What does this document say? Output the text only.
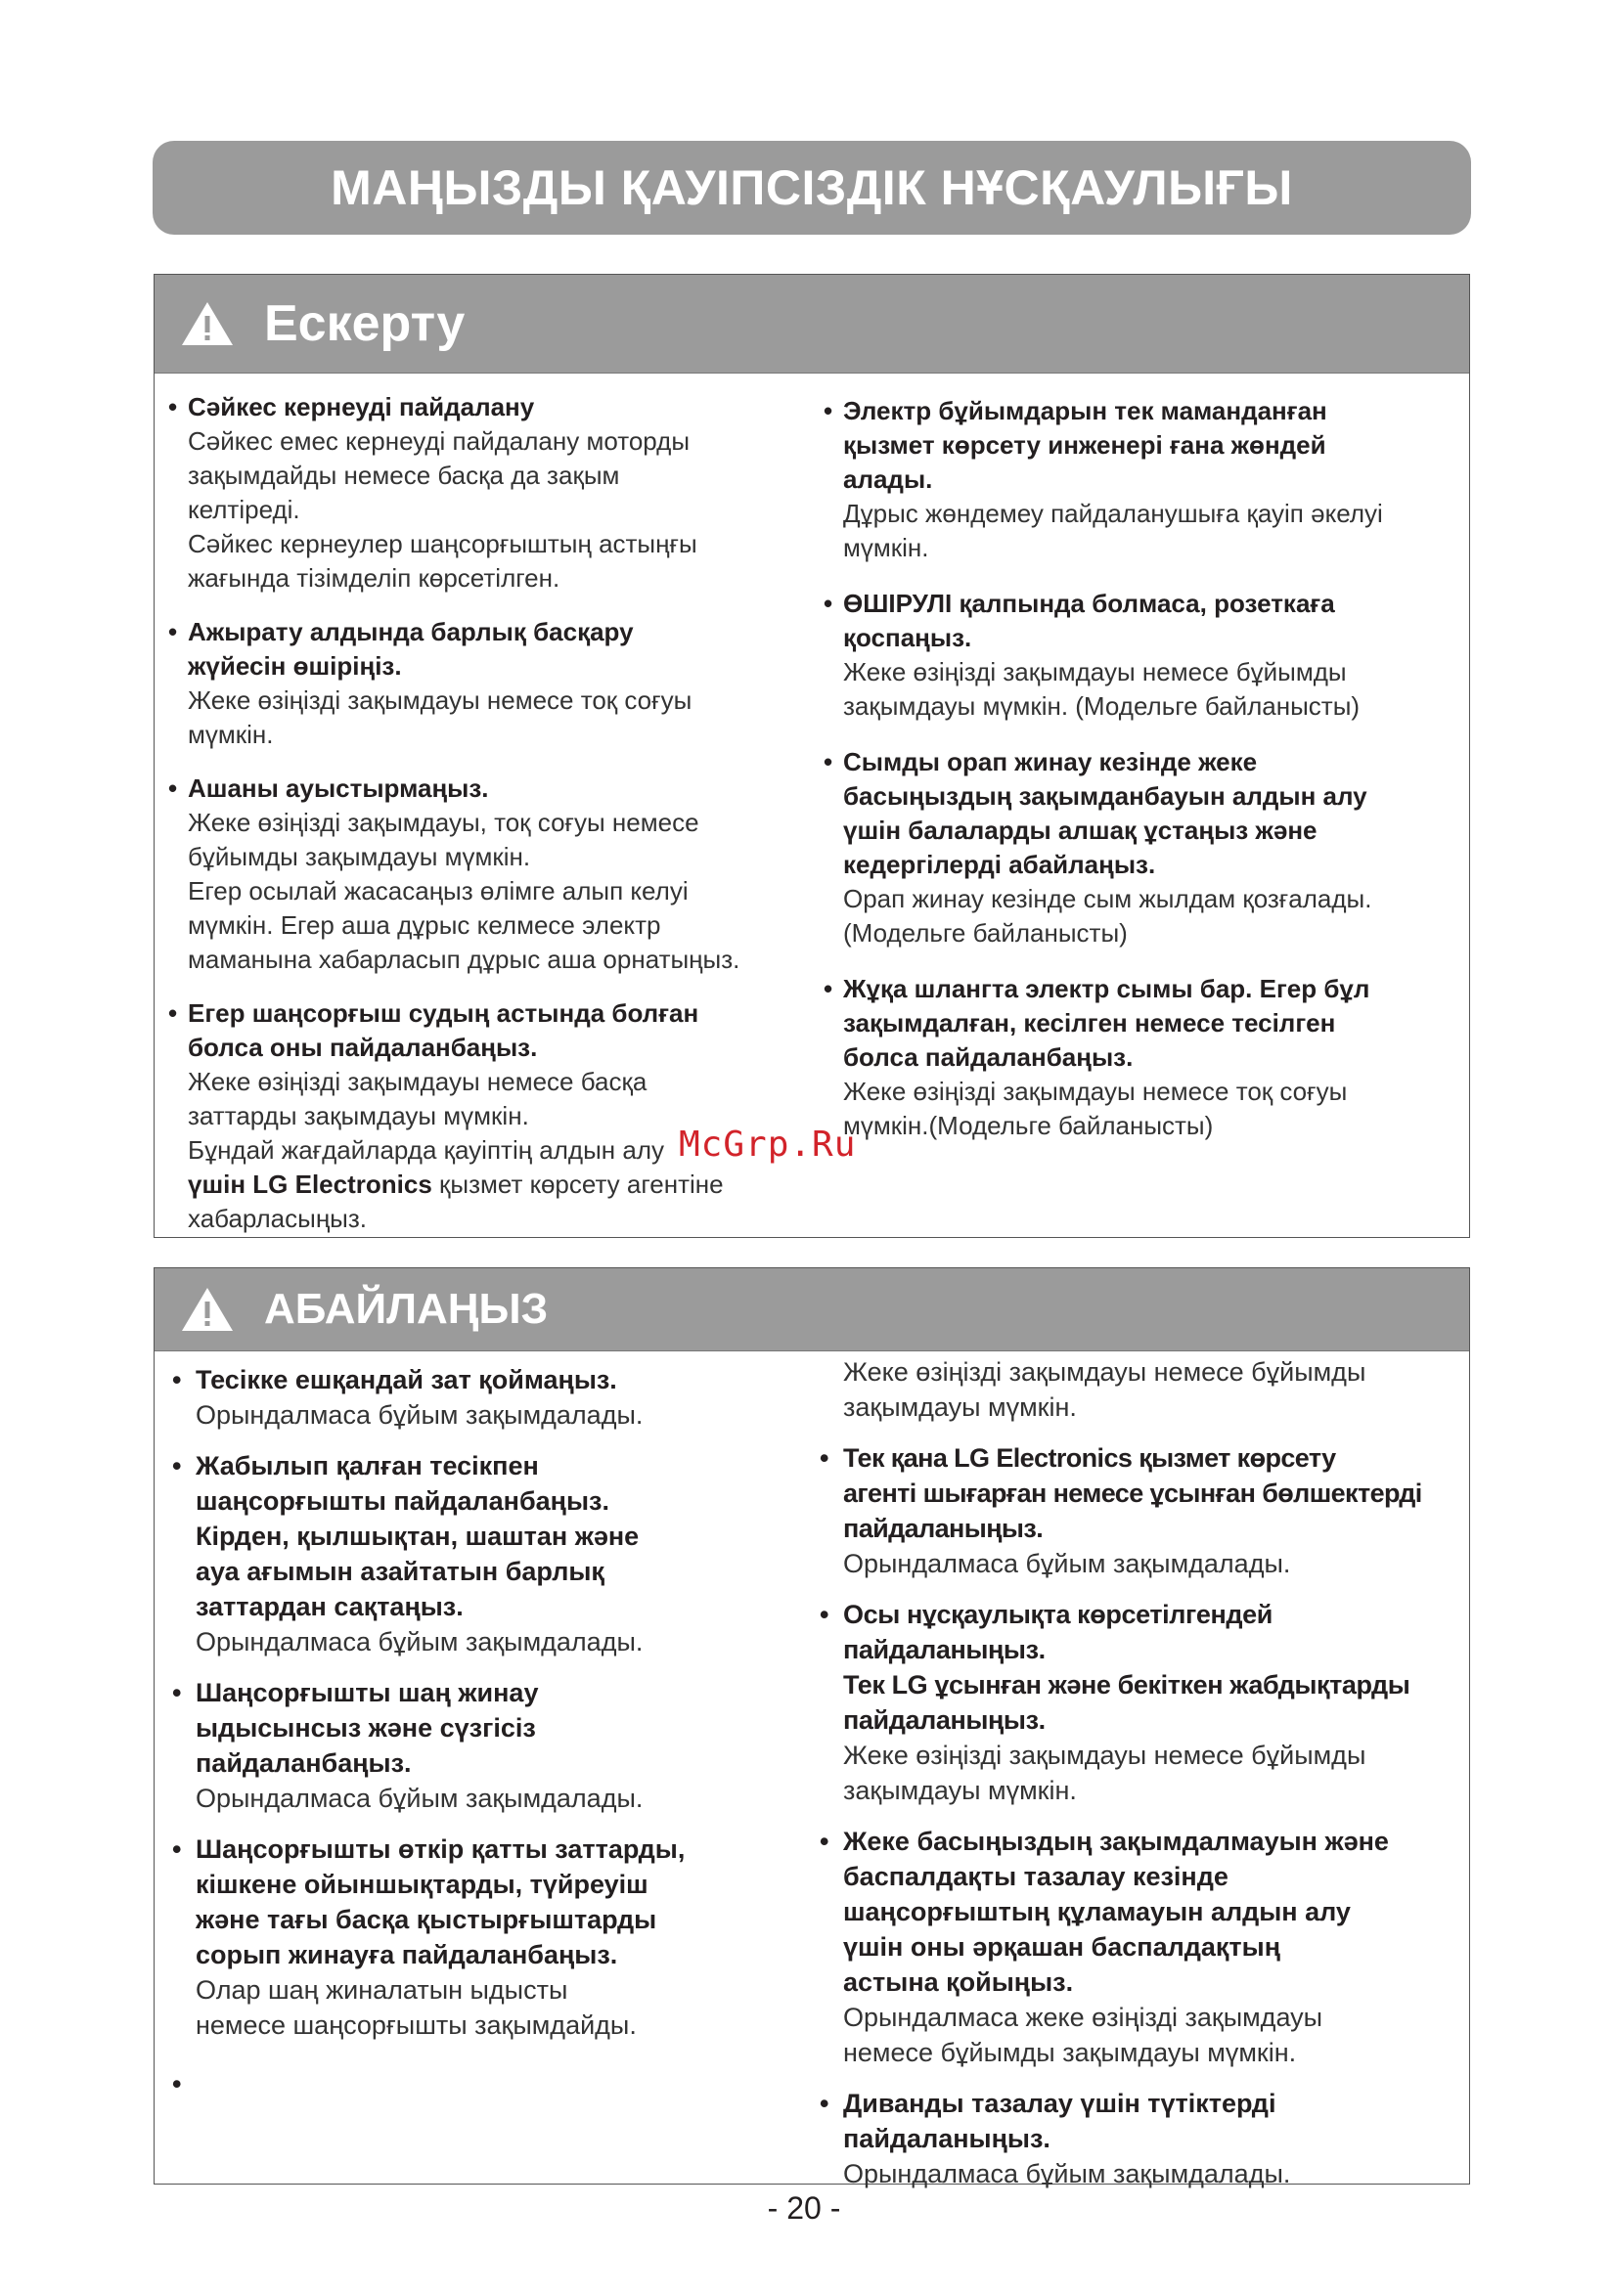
МАҢЫЗДЫ ҚАУІПСІЗДІК НҰСҚАУЛЫҒЫ
Ескерту
• Сәйкес кернеуді пайдалану
Сәйкес емес кернеуді пайдалану моторды
зақымдайды немесе басқа да зақым
келтіреді.
Сәйкес кернеулер шаңсорғыштың астыңғы
жағында тізімделіп көрсетілген.
• Ажырату алдында барлық басқару
жүйесін өшіріңіз.
Жеке өзіңізді зақымдауы немесе тоқ соғуы
мүмкін.
• Ашаны ауыстырмаңыз.
Жеке өзіңізді зақымдауы, тоқ соғуы немесе
бұйымды зақымдауы мүмкін.
Егер осылай жасасаңыз өлімге алып келуі
мүмкін. Егер аша дұрыс келмесе электр
маманына хабарласып дұрыс аша орнатыңыз.
• Егер шаңсорғыш судың астында болған
болса оны пайдаланбаңыз.
Жеке өзіңізді зақымдауы немесе басқа
заттарды зақымдауы мүмкін.
Бұндай жағдайларда қауіптің алдын алу
үшін LG Electronics қызмет көрсету агентіне
хабарласыңыз.
• Электр бұйымдарын тек маманданған
қызмет көрсету инженері ғана жөндей
алады.
Дұрыс жөндемеу пайдаланушыға қауіп әкелуі
мүмкін.
• ӨШІРУЛІ қалпында болмаса, розеткаға
қоспаңыз.
Жеке өзіңізді зақымдауы немесе бұйымды
зақымдауы мүмкін. (Модельге байланысты)
• Сымды орап жинау кезінде жеке
басыңыздың зақымданбауын алдын алу
үшін балаларды алшақ ұстаңыз және
кедергілерді абайлаңыз.
Орап жинау кезінде сым жылдам қозғалады.
(Модельге байланысты)
• Жұқа шлангта электр сымы бар. Егер бұл
зақымдалған, кесілген немесе тесілген
болса пайдаланбаңыз.
Жеке өзіңізді зақымдауы немесе тоқ соғуы
мүмкін.(Модельге байланысты)
АБАЙЛАҢЫЗ
• Тесікке ешқандай зат қоймаңыз.
Орындалмаса бұйым зақымдалады.
• Жабылып қалған тесікпен
шаңсорғышты пайдаланбаңыз.
Кірден, қылшықтан, шаштан және
ауа ағымын азайтатын барлық
заттардан сақтаңыз.
Орындалмаса бұйым зақымдалады.
• Шаңсорғышты шаң жинау
ыдысынсыз және сүзгісіз
пайдаланбаңыз.
Орындалмаса бұйым зақымдалады.
• Шаңсорғышты өткір қатты заттарды,
кішкене ойыншықтарды, түйреуіш
және тағы басқа қыстырғыштарды
сорып жинауға пайдаланбаңыз.
Олар шаң жиналатын ыдысты
немесе шаңсорғышты зақымдайды.
•
Жеке өзіңізді зақымдауы немесе бұйымды
зақымдауы мүмкін.
• Тек қана LG Electronics қызмет көрсету
агенті шығарған немесе ұсынған бөлшектерді
пайдаланыңыз.
Орындалмаса бұйым зақымдалады.
• Осы нұсқаулықта көрсетілгендей
пайдаланыңыз.
Тек LG ұсынған және бекіткен жабдықтарды
пайдаланыңыз.
Жеке өзіңізді зақымдауы немесе бұйымды
зақымдауы мүмкін.
• Жеке басыңыздың зақымдалмауын және
баспалдақты тазалау кезінде
шаңсорғыштың құламауын алдын алу
үшін оны әрқашан баспалдақтың
астына қойыңыз.
Орындалмаса жеке өзіңізді зақымдауы
немесе бұйымды зақымдауы мүмкін.
• Диванды тазалау үшін түтіктерді
пайдаланыңыз.
Орындалмаса бұйым зақымдалады.
McGrp.Ru
- 20 -
